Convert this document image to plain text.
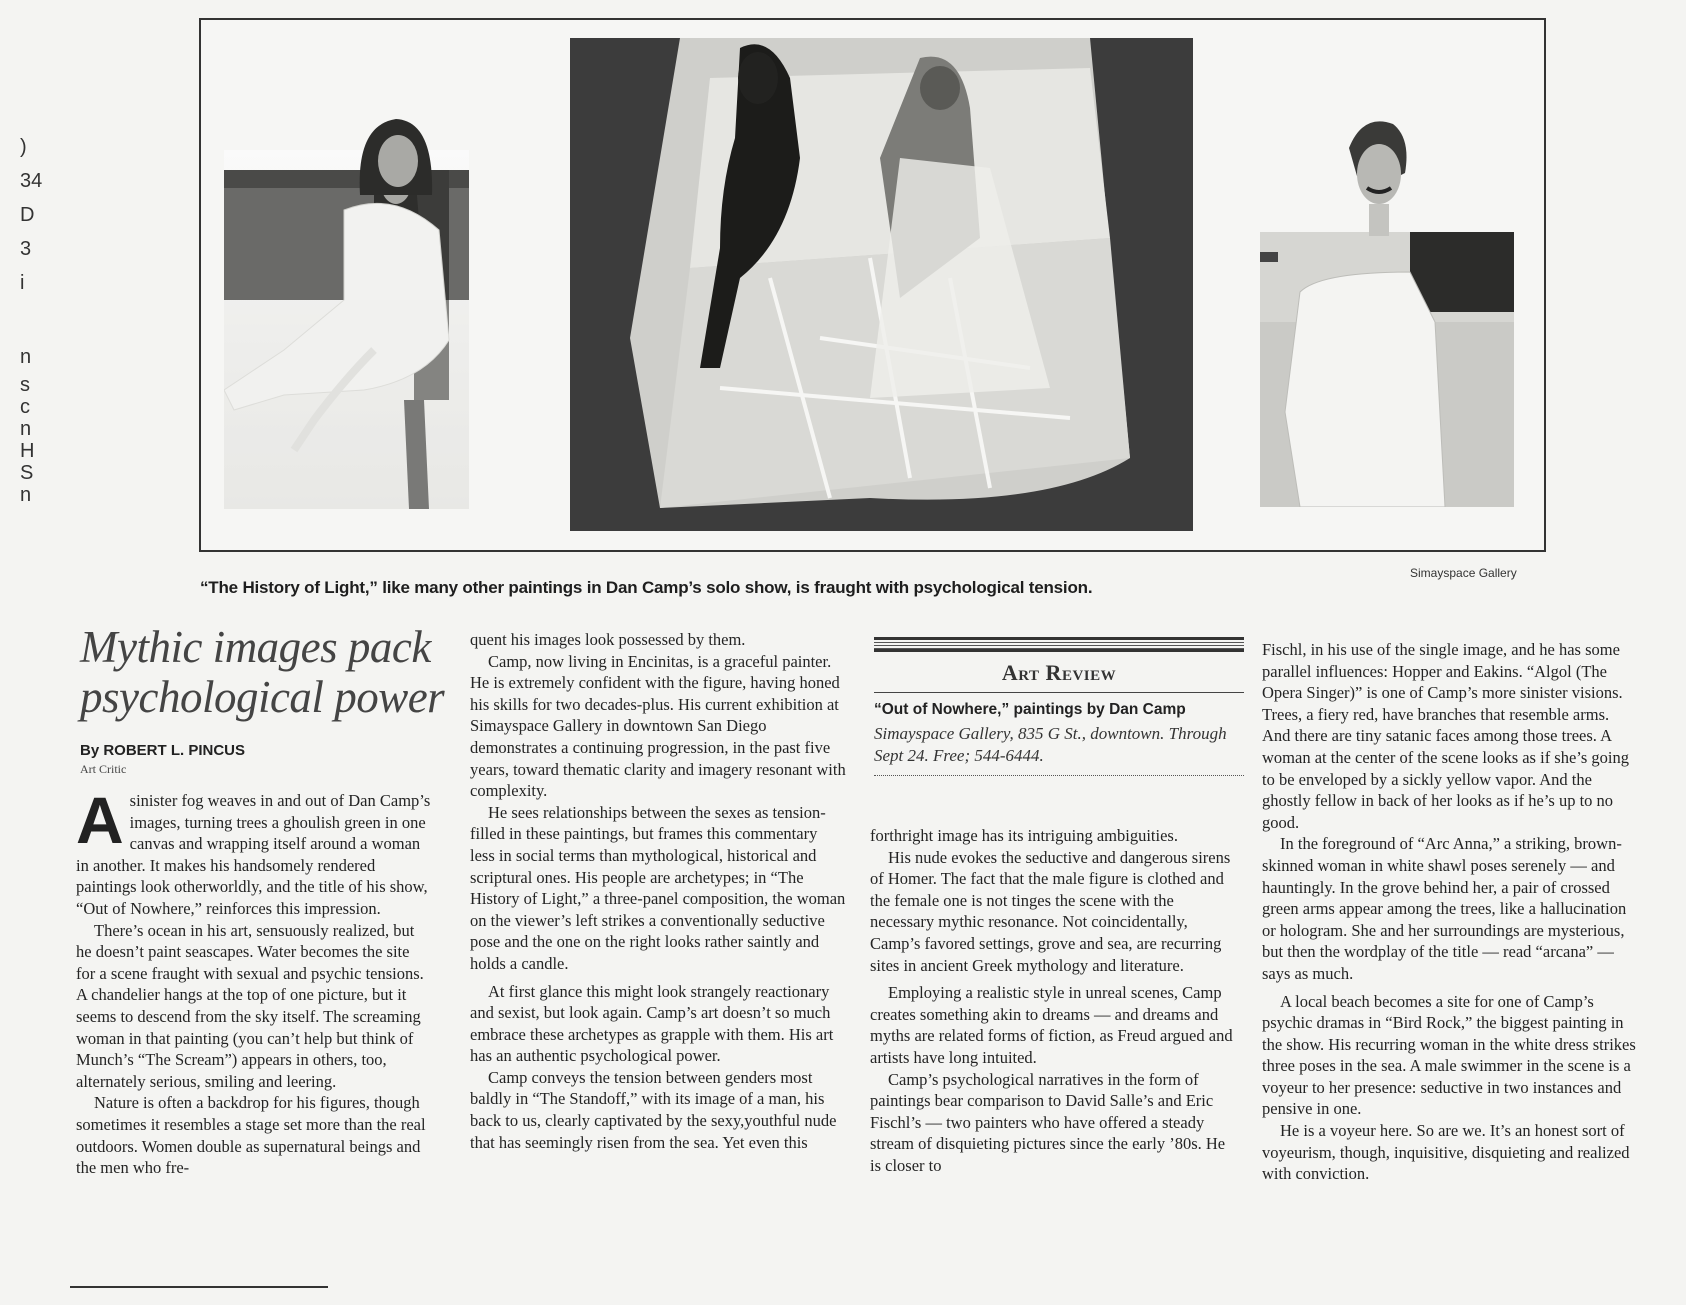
)
34
D
3
i
n
s
c
n
H
S
n
“The History of Light,” like many other paintings in Dan Camp’s solo show, is fraught with psychological tension.
Simayspace Gallery
Mythic images pack psychological power
By ROBERT L. PINCUS
Art Critic

Asinister fog weaves in and out of Dan Camp’s images, turning trees a ghoulish green in one canvas and wrapping itself around a woman in another. It makes his handsomely rendered paintings look otherworldly, and the title of his show, “Out of Nowhere,” reinforces this impression.

There’s ocean in his art, sensuously realized, but he doesn’t paint seascapes. Water becomes the site for a scene fraught with sexual and psychic tensions. A chandelier hangs at the top of one picture, but it seems to descend from the sky itself. The screaming woman in that painting (you can’t help but think of Munch’s “The Scream”) appears in others, too, alternately serious, smiling and leering.

Nature is often a backdrop for his figures, though sometimes it resembles a stage set more than the real outdoors. Women double as supernatural beings and the men who fre-

quent his images look possessed by them.

Camp, now living in Encinitas, is a graceful painter. He is extremely confident with the figure, having honed his skills for two decades-plus. His current exhibition at Simayspace Gallery in downtown San Diego demonstrates a continuing progression, in the past five years, toward thematic clarity and imagery resonant with complexity.

He sees relationships between the sexes as tension-filled in these paintings, but frames this commentary less in social terms than mythological, historical and scriptural ones. His people are archetypes; in “The History of Light,” a three-panel composition, the woman on the viewer’s left strikes a conventionally seductive pose and the one on the right looks rather saintly and holds a candle.

At first glance this might look strangely reactionary and sexist, but look again. Camp’s art doesn’t so much embrace these archetypes as grapple with them. His art has an authentic psychological power.

Camp conveys the tension between genders most baldly in “The Standoff,” with its image of a man, his back to us, clearly captivated by the sexy,youthful nude that has seemingly risen from the sea. Yet even this

Art Review
“Out of Nowhere,” paintings by Dan Camp
Simayspace Gallery, 835 G St., downtown. Through Sept 24. Free; 544-6444.

forthright image has its intriguing ambiguities.

His nude evokes the seductive and dangerous sirens of Homer. The fact that the male figure is clothed and the female one is not tinges the scene with the necessary mythic resonance. Not coincidentally, Camp’s favored settings, grove and sea, are recurring sites in ancient Greek mythology and literature.

Employing a realistic style in unreal scenes, Camp creates something akin to dreams — and dreams and myths are related forms of fiction, as Freud argued and artists have long intuited.

Camp’s psychological narratives in the form of paintings bear comparison to David Salle’s and Eric Fischl’s — two painters who have offered a steady stream of disquieting pictures since the early ’80s. He is closer to

Fischl, in his use of the single image, and he has some parallel influences: Hopper and Eakins. “Algol (The Opera Singer)” is one of Camp’s more sinister visions. Trees, a fiery red, have branches that resemble arms. And there are tiny satanic faces among those trees. A woman at the center of the scene looks as if she’s going to be enveloped by a sickly yellow vapor. And the ghostly fellow in back of her looks as if he’s up to no good.

In the foreground of “Arc Anna,” a striking, brown-skinned woman in white shawl poses serenely — and hauntingly. In the grove behind her, a pair of crossed green arms appear among the trees, like a hallucination or hologram. She and her surroundings are mysterious, but then the wordplay of the title — read “arcana” — says as much.

A local beach becomes a site for one of Camp’s psychic dramas in “Bird Rock,” the biggest painting in the show. His recurring woman in the white dress strikes three poses in the sea. A male swimmer in the scene is a voyeur to her presence: seductive in two instances and pensive in one.

He is a voyeur here. So are we. It’s an honest sort of voyeurism, though, inquisitive, disquieting and realized with conviction.
